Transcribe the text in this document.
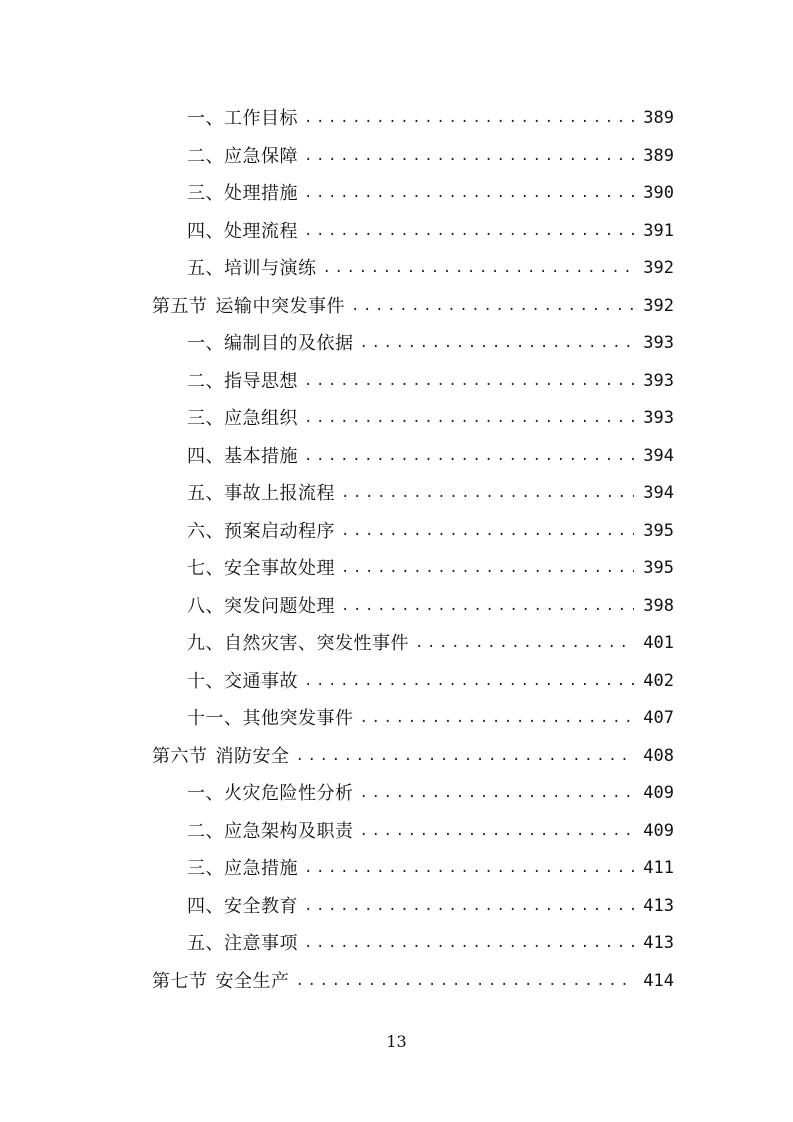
一、工作目标 .....	389
二、应急保障 .....	389
三、处理措施 .....	390
四、处理流程 .....	391
五、培训与演练 .....	392
第五节 运输中突发事件 .....	392
一、编制目的及依据 .....	393
二、指导思想 .....	393
三、应急组织 .....	393
四、基本措施 .....	394
五、事故上报流程 .....	394
六、预案启动程序 .....	395
七、安全事故处理 .....	395
八、突发问题处理 .....	398
九、自然灾害、突发性事件 .....	401
十、交通事故 .....	402
十一、其他突发事件 .....	407
第六节 消防安全 .....	408
一、火灾危险性分析 .....	409
二、应急架构及职责 .....	409
三、应急措施 .....	411
四、安全教育 .....	413
五、注意事项 .....	413
第七节 安全生产 .....	414
13
